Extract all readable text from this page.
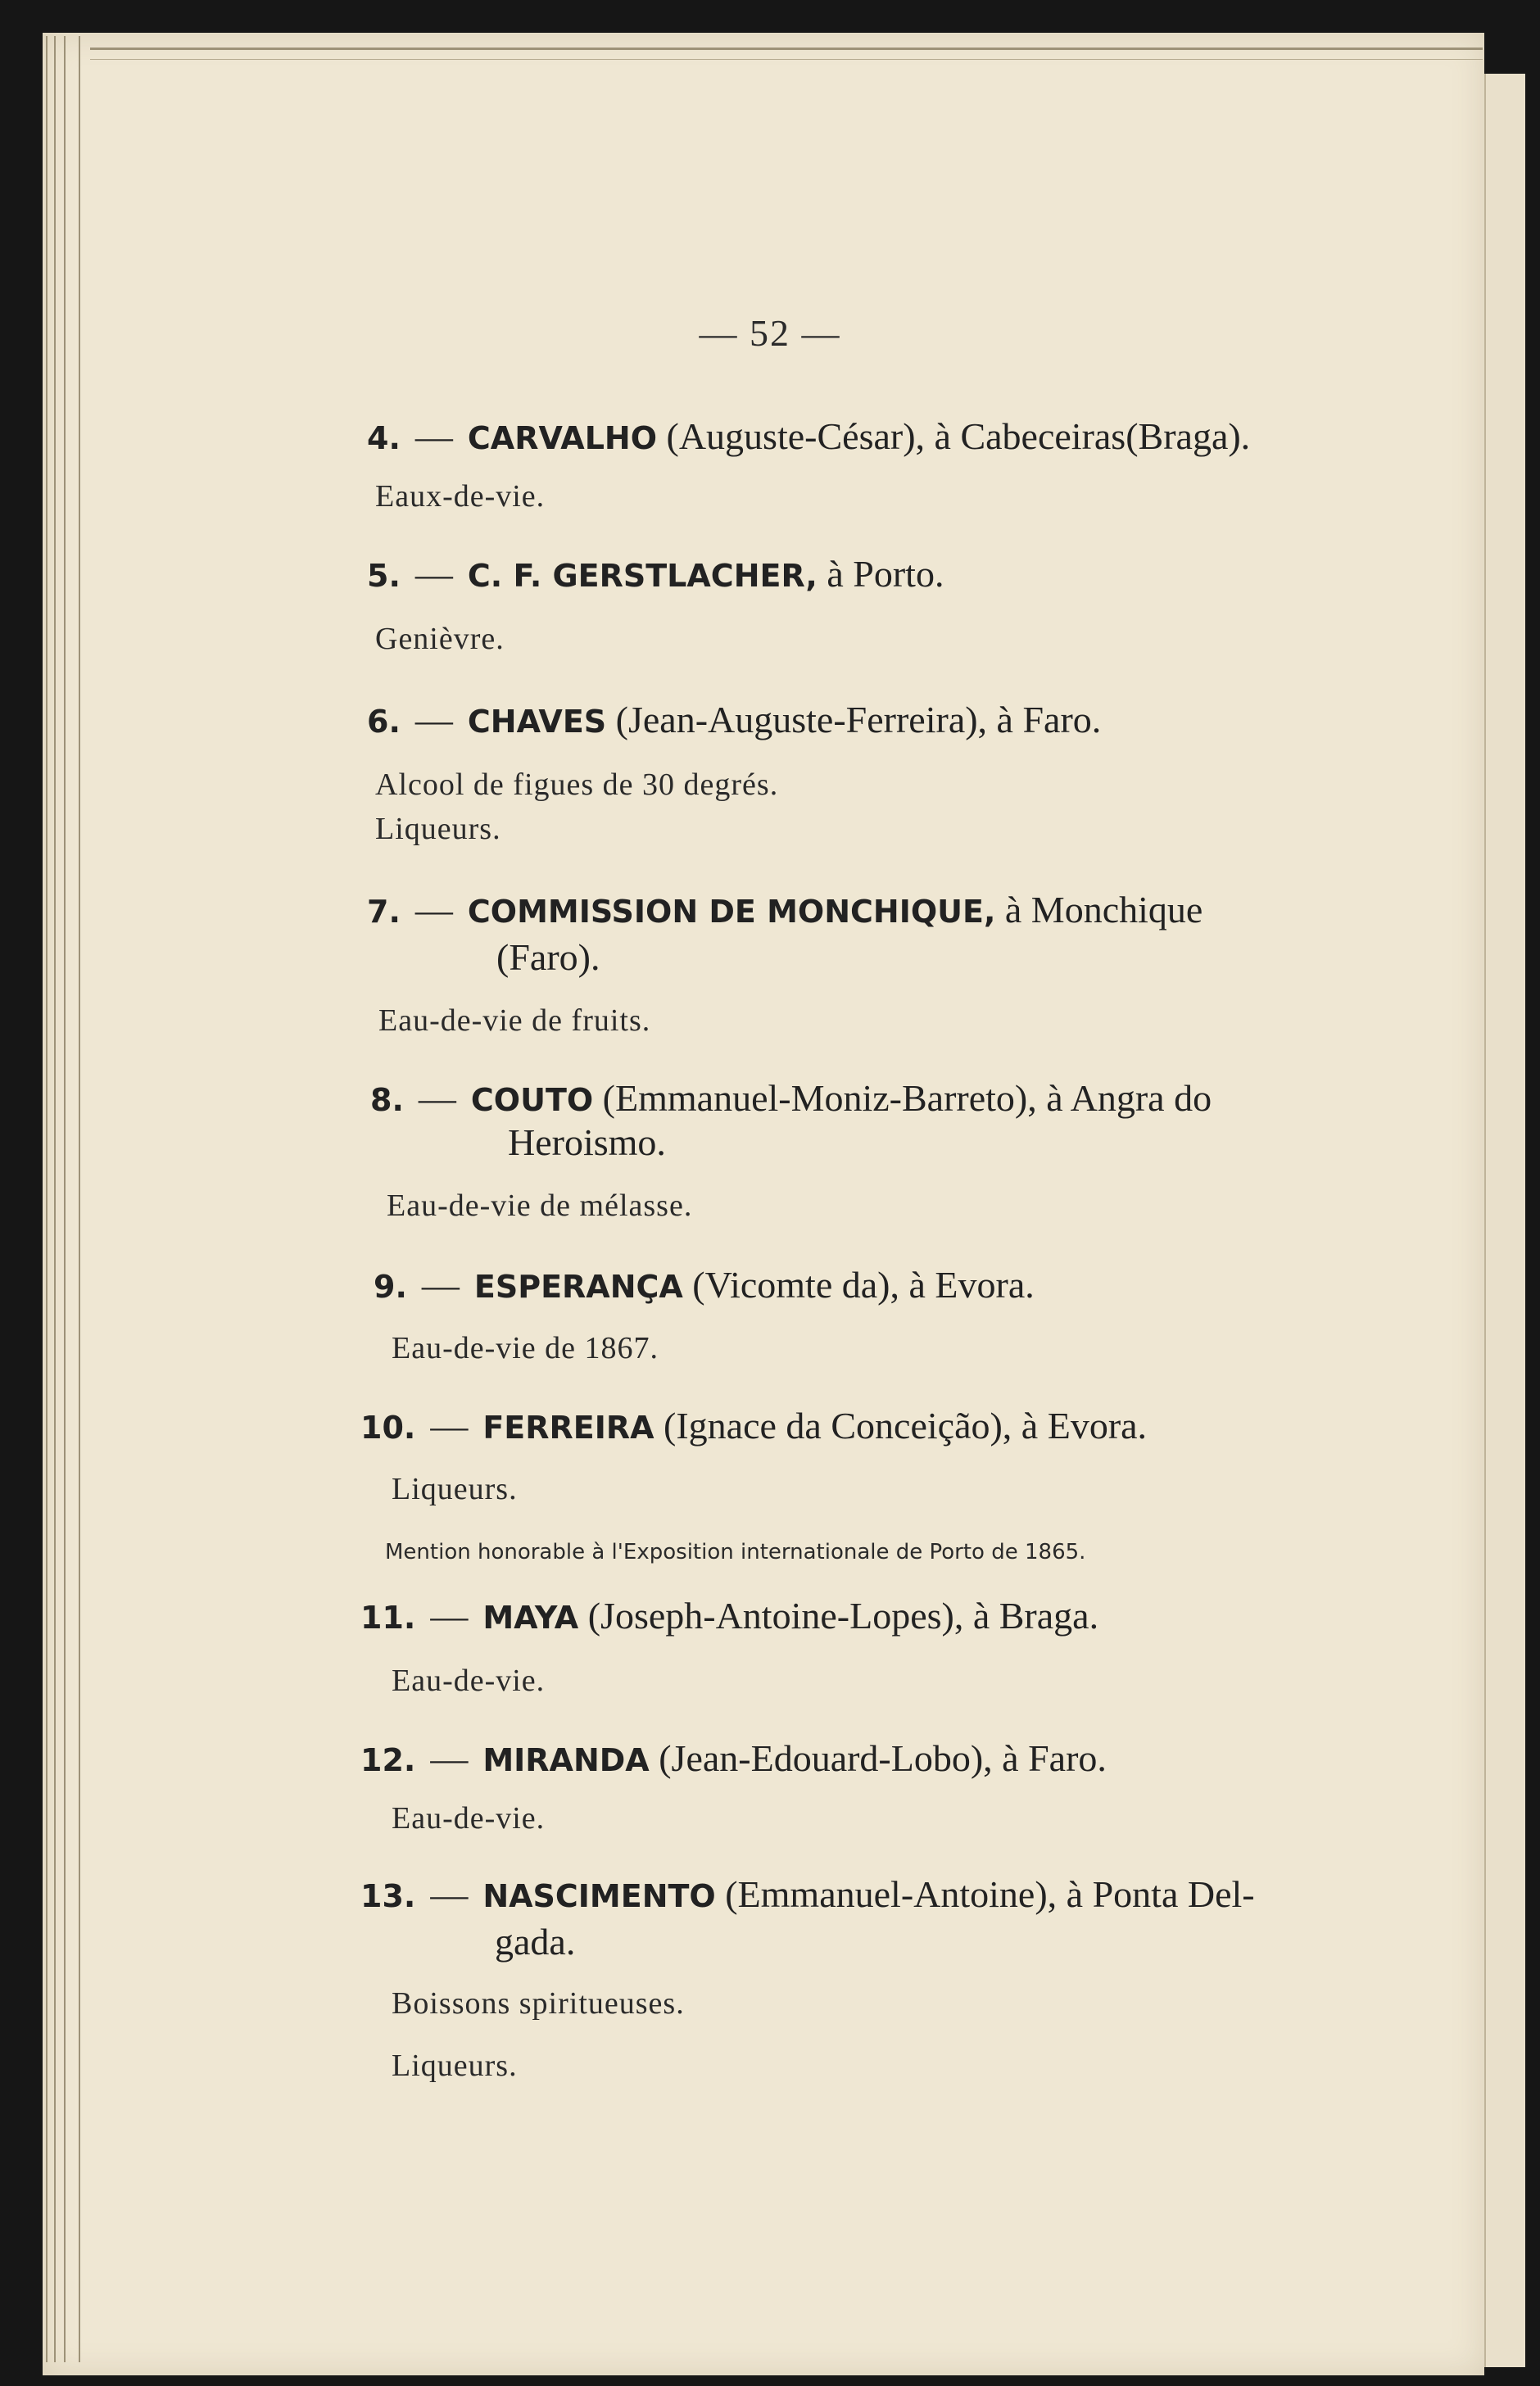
— 52 —
4. — CARVALHO (Auguste-César), à Cabeceiras(Braga).
Eaux-de-vie.
5. — C. F. GERSTLACHER, à Porto.
Genièvre.
6. — CHAVES (Jean-Auguste-Ferreira), à Faro.
Alcool de figues de 30 degrés.
Liqueurs.
7. — COMMISSION DE MONCHIQUE, à Monchique
(Faro).
Eau-de-vie de fruits.
8. — COUTO (Emmanuel-Moniz-Barreto), à Angra do
Heroismo.
Eau-de-vie de mélasse.
9. — ESPERANÇA (Vicomte da), à Evora.
Eau-de-vie de 1867.
10. — FERREIRA (Ignace da Conceição), à Evora.
Liqueurs.
Mention honorable à l'Exposition internationale de Porto de 1865.
11. — MAYA (Joseph-Antoine-Lopes), à Braga.
Eau-de-vie.
12. — MIRANDA (Jean-Edouard-Lobo), à Faro.
Eau-de-vie.
13. — NASCIMENTO (Emmanuel-Antoine), à Ponta Del-
gada.
Boissons spiritueuses.
Liqueurs.
